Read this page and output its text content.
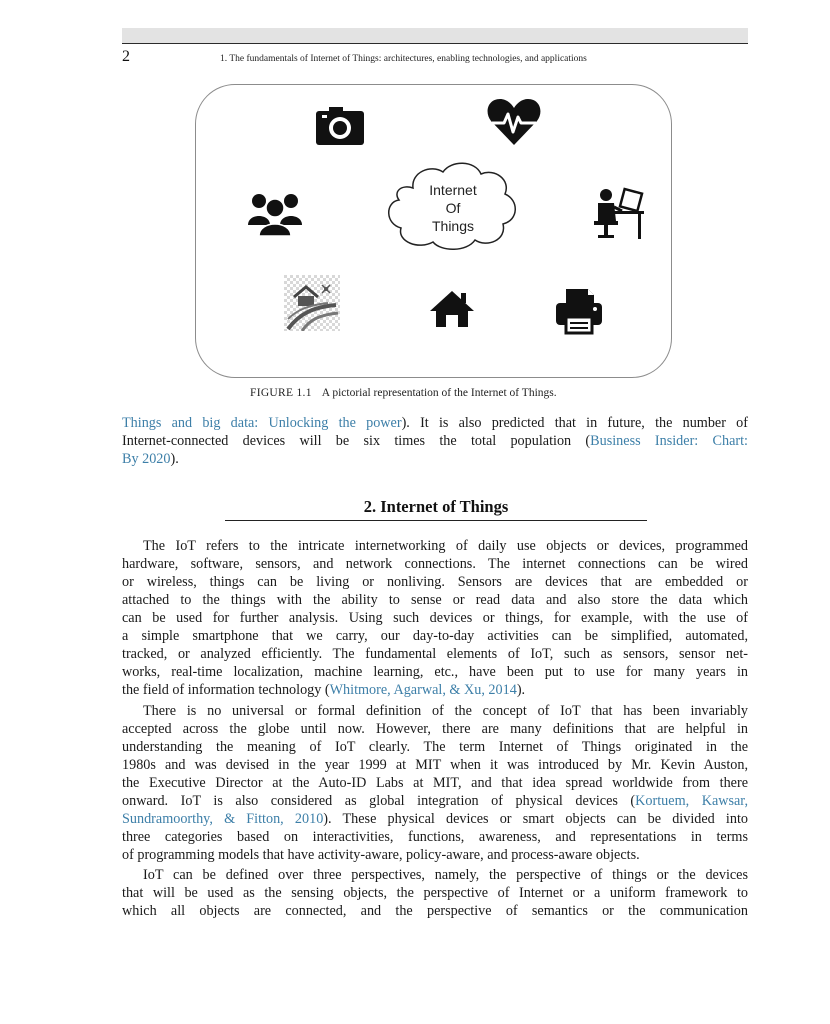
2	1. The fundamentals of Internet of Things: architectures, enabling technologies, and applications
Internet
Of
Things
FIGURE 1.1 A pictorial representation of the Internet of Things.
Things and big data: Unlocking the power). It is also predicted that in future, the number of
Internet-connected devices will be six times the total population (Business Insider: Chart:
By 2020).
2. Internet of Things
The IoT refers to the intricate internetworking of daily use objects or devices, programmed
hardware, software, sensors, and network connections. The internet connections can be wired
or wireless, things can be living or nonliving. Sensors are devices that are embedded or
attached to the things with the ability to sense or read data and also store the data which
can be used for further analysis. Using such devices or things, for example, with the use of
a simple smartphone that we carry, our day-to-day activities can be simplified, automated,
tracked, or analyzed efficiently. The fundamental elements of IoT, such as sensors, sensor net-
works, real-time localization, machine learning, etc., have been put to use for many years in
the field of information technology (Whitmore, Agarwal, & Xu, 2014).
There is no universal or formal definition of the concept of IoT that has been invariably
accepted across the globe until now. However, there are many definitions that are helpful in
understanding the meaning of IoT clearly. The term Internet of Things originated in the
1980s and was devised in the year 1999 at MIT when it was introduced by Mr. Kevin Auston,
the Executive Director at the Auto-ID Labs at MIT, and that idea spread worldwide from there
onward. IoT is also considered as global integration of physical devices (Kortuem, Kawsar,
Sundramoorthy, & Fitton, 2010). These physical devices or smart objects can be divided into
three categories based on interactivities, functions, awareness, and representations in terms
of programming models that have activity-aware, policy-aware, and process-aware objects.
IoT can be defined over three perspectives, namely, the perspective of things or the devices
that will be used as the sensing objects, the perspective of Internet or a uniform framework to
which all objects are connected, and the perspective of semantics or the communication
